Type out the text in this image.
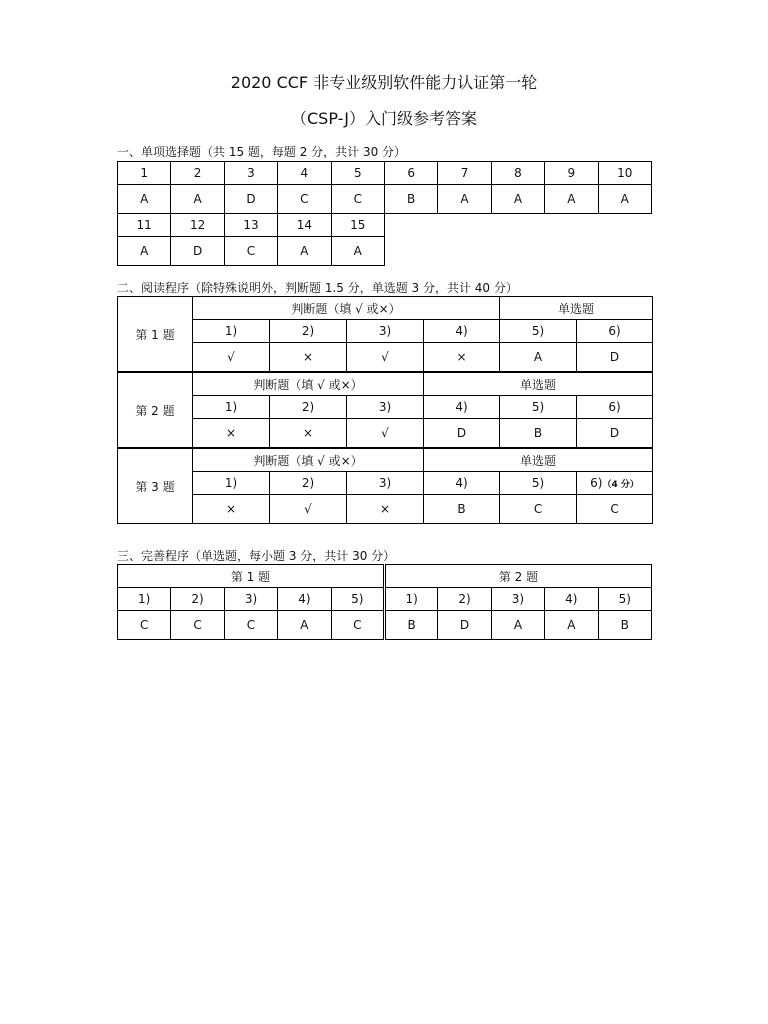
2020 CCF 非专业级别软件能力认证第一轮
（CSP-J）入门级参考答案
一、单项选择题（共 15 题，每题 2 分，共计 30 分）
1	2	3	4	5	6	7	8	9	10
A	A	D	C	C	B	A	A	A	A
11	12	13	14	15
A	D	C	A	A
二、阅读程序（除特殊说明外，判断题 1.5 分，单选题 3 分，共计 40 分）
第 1 题	判断题（填 √ 或×）				单选题	
	1)	2)	3)	4)	5)	6)
	√	×	√	×	A	D
第 2 题	判断题（填 √ 或×）			单选题		
	1)	2)	3)	4)	5)	6)
	×	×	√	D	B	D
第 3 题	判断题（填 √ 或×）			单选题		
	1)	2)	3)	4)	5)	6)（4 分）
	×	√	×	B	C	C
三、完善程序（单选题，每小题 3 分，共计 30 分）
第 1 题					第 2 题				
1)	2)	3)	4)	5)	1)	2)	3)	4)	5)
C	C	C	A	C	B	D	A	A	B
